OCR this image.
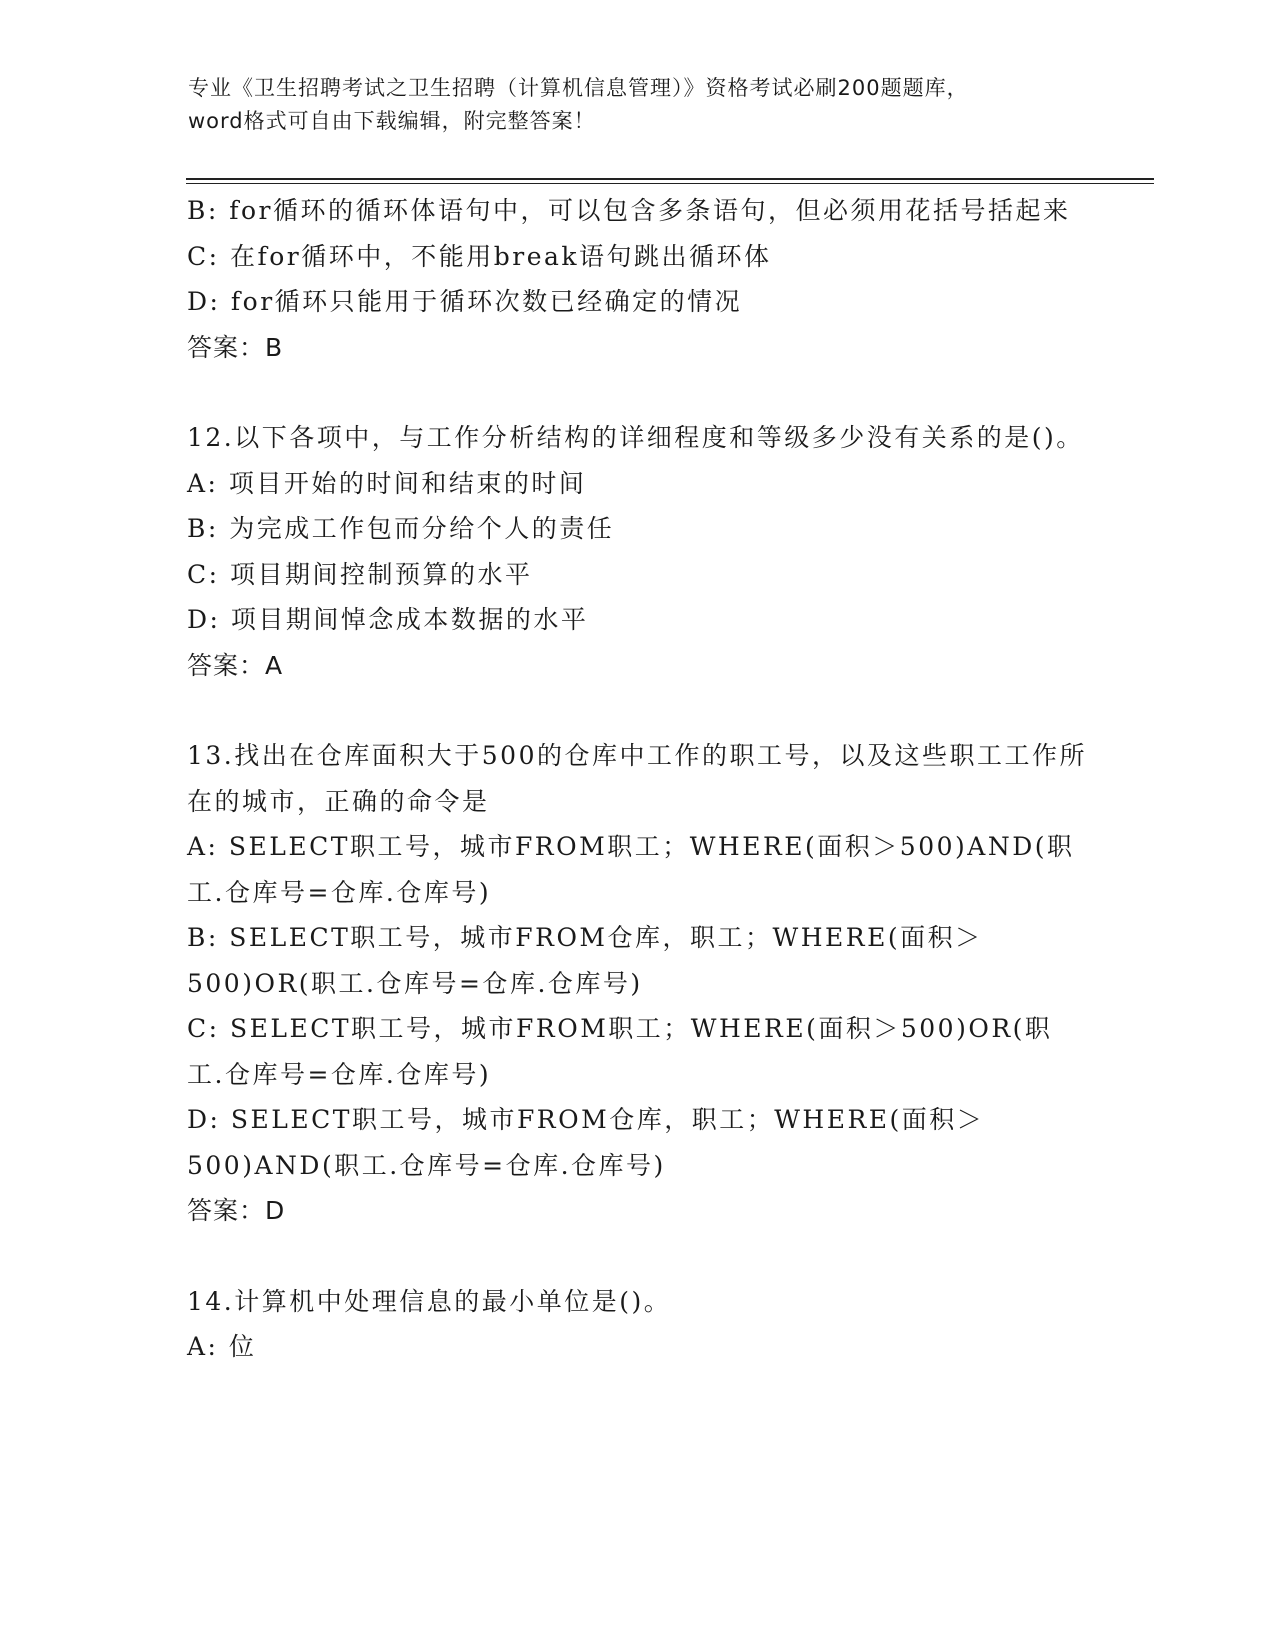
专业《卫生招聘考试之卫生招聘（计算机信息管理）》资格考试必刷200题题库，
word格式可自由下载编辑，附完整答案！

B: for循环的循环体语句中，可以包含多条语句，但必须用花括号括起来

C: 在for循环中，不能用break语句跳出循环体

D: for循环只能用于循环次数已经确定的情况

答案：B

12.以下各项中，与工作分析结构的详细程度和等级多少没有关系的是()。

A: 项目开始的时间和结束的时间

B: 为完成工作包而分给个人的责任

C: 项目期间控制预算的水平

D: 项目期间悼念成本数据的水平

答案：A

13.找出在仓库面积大于500的仓库中工作的职工号，以及这些职工工作所在的城市，正确的命令是

A: SELECT职工号，城市FROM职工；WHERE(面积＞500)AND(职工.仓库号=仓库.仓库号)

B: SELECT职工号，城市FROM仓库，职工；WHERE(面积＞500)OR(职工.仓库号=仓库.仓库号)

C: SELECT职工号，城市FROM职工；WHERE(面积＞500)OR(职工.仓库号=仓库.仓库号)

D: SELECT职工号，城市FROM仓库，职工；WHERE(面积＞500)AND(职工.仓库号=仓库.仓库号)

答案：D

14.计算机中处理信息的最小单位是()。

A: 位
